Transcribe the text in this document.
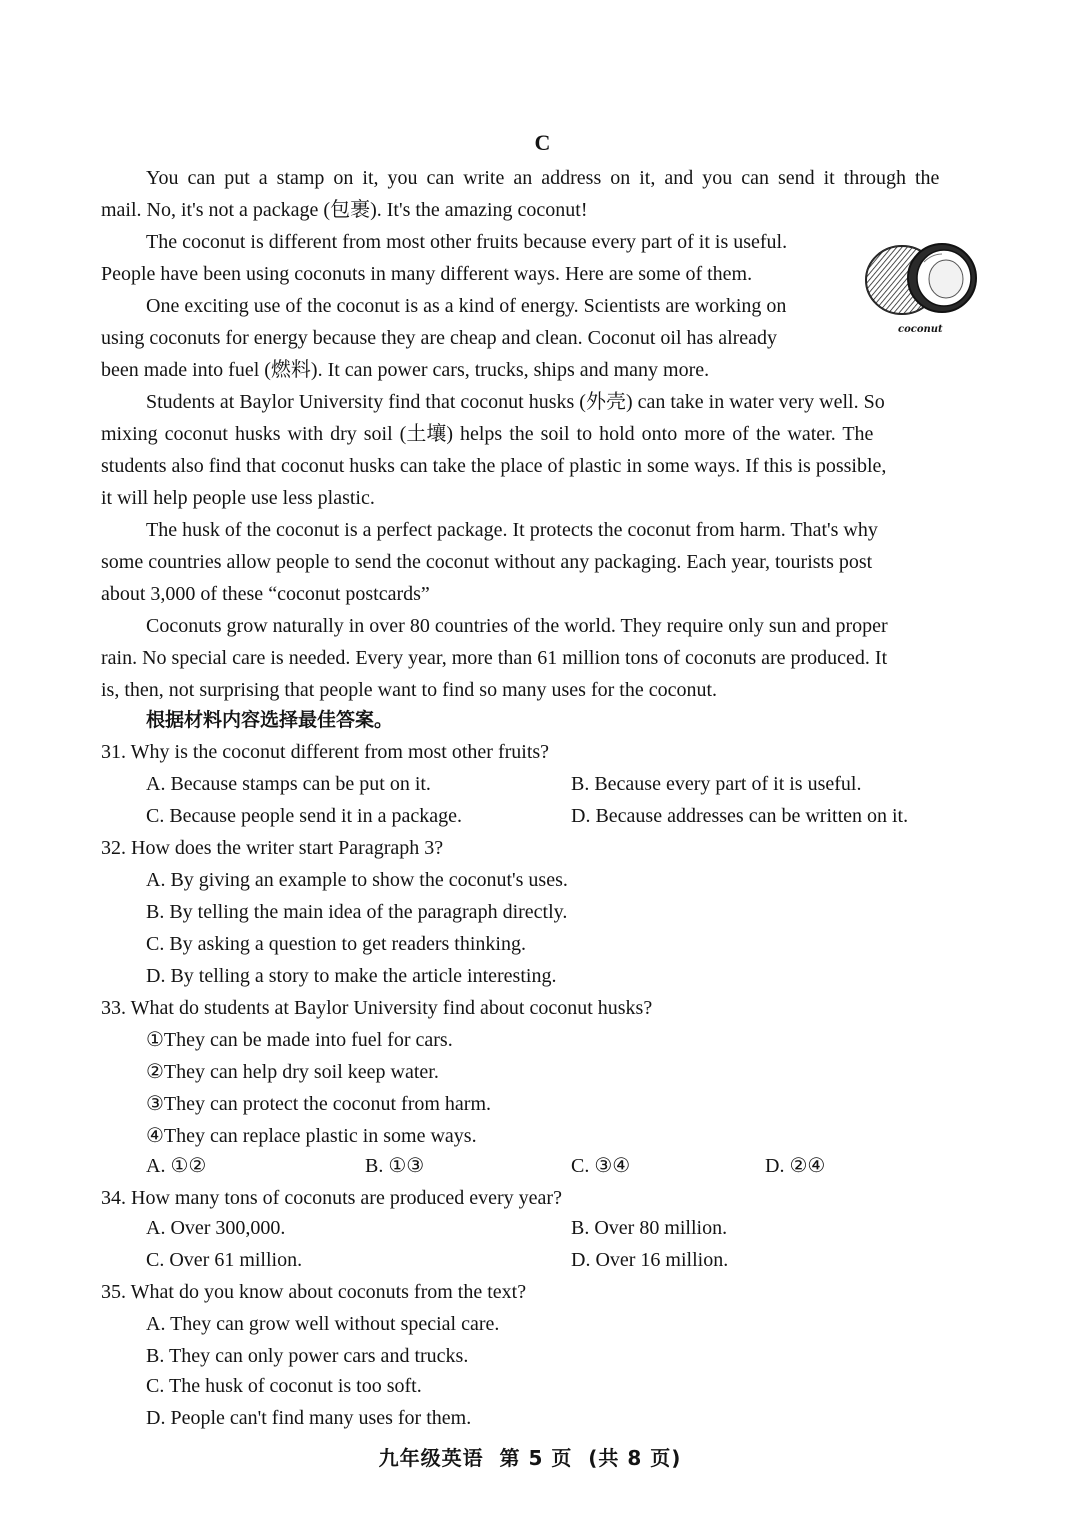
C
You can put a stamp on it, you can write an address on it, and you can send it through the
mail. No, it's not a package (包裹). It's the amazing coconut!
The coconut is different from most other fruits because every part of it is useful.
People have been using coconuts in many different ways. Here are some of them.
One exciting use of the coconut is as a kind of energy. Scientists are working on
using coconuts for energy because they are cheap and clean. Coconut oil has already
been made into fuel (燃料). It can power cars, trucks, ships and many more.
Students at Baylor University find that coconut husks (外壳) can take in water very well. So
mixing coconut husks with dry soil (土壤) helps the soil to hold onto more of the water. The
students also find that coconut husks can take the place of plastic in some ways. If this is possible,
it will help people use less plastic.
The husk of the coconut is a perfect package. It protects the coconut from harm. That's why
some countries allow people to send the coconut without any packaging. Each year, tourists post
about 3,000 of these “coconut postcards”
Coconuts grow naturally in over 80 countries of the world. They require only sun and proper
rain. No special care is needed. Every year, more than 61 million tons of coconuts are produced. It
is, then, not surprising that people want to find so many uses for the coconut.
coconut
根据材料内容选择最佳答案。
31. Why is the coconut different from most other fruits?
A. Because stamps can be put on it.	B. Because every part of it is useful.
C. Because people send it in a package.	D. Because addresses can be written on it.
32. How does the writer start Paragraph 3?
A. By giving an example to show the coconut's uses.
B. By telling the main idea of the paragraph directly.
C. By asking a question to get readers thinking.
D. By telling a story to make the article interesting.
33. What do students at Baylor University find about coconut husks?
①They can be made into fuel for cars.
②They can help dry soil keep water.
③They can protect the coconut from harm.
④They can replace plastic in some ways.
A. ①②	B. ①③	C. ③④	D. ②④
34. How many tons of coconuts are produced every year?
A. Over 300,000.	B. Over 80 million.
C. Over 61 million.	D. Over 16 million.
35. What do you know about coconuts from the text?
A. They can grow well without special care.
B. They can only power cars and trucks.
C. The husk of coconut is too soft.
D. People can't find many uses for them.
九年级英语  第 5 页  (共 8 页)
